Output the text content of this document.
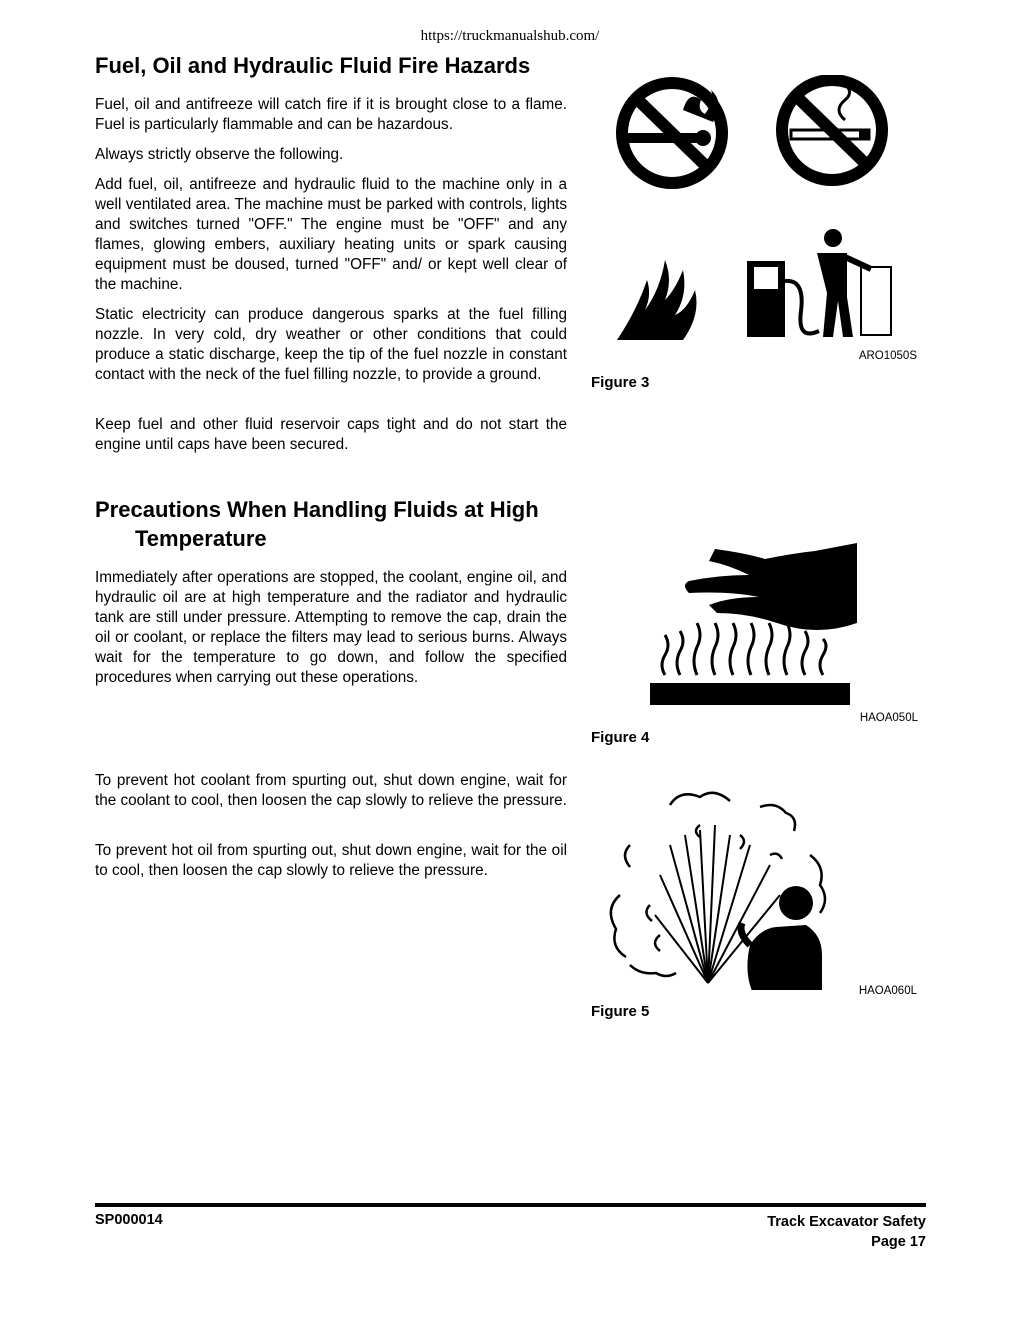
https://truckmanualshub.com/
Fuel, Oil and Hydraulic Fluid Fire Hazards

Fuel, oil and antifreeze will catch fire if it is brought close to a flame. Fuel is particularly flammable and can be hazardous.

Always strictly observe the following.

Add fuel, oil, antifreeze and hydraulic fluid to the machine only in a well ventilated area. The machine must be parked with controls, lights and switches turned "OFF." The engine must be "OFF" and any flames, glowing embers, auxiliary heating units or spark causing equipment must be doused, turned "OFF" and/ or kept well clear of the machine.

Static electricity can produce dangerous sparks at the fuel filling nozzle. In very cold, dry weather or other conditions that could produce a static discharge, keep the tip of the fuel nozzle in constant contact with the neck of the fuel filling nozzle, to provide a ground.

Keep fuel and other fluid reservoir caps tight and do not start the engine until caps have been secured.

ARO1050S
Figure 3
Precautions When Handling Fluids at High
Temperature

Immediately after operations are stopped, the coolant, engine oil, and hydraulic oil are at high temperature and the radiator and hydraulic tank are still under pressure. Attempting to remove the cap, drain the oil or coolant, or replace the filters may lead to serious burns. Always wait for the temperature to go down, and follow the specified procedures when carrying out these operations.

To prevent hot coolant from spurting out, shut down engine, wait for the coolant to cool, then loosen the cap slowly to relieve the pressure.

To prevent hot oil from spurting out, shut down engine, wait for the oil to cool, then loosen the cap slowly to relieve the pressure.

HAOA050L
Figure 4
HAOA060L
Figure 5
SP000014	Track Excavator Safety
Page 17
